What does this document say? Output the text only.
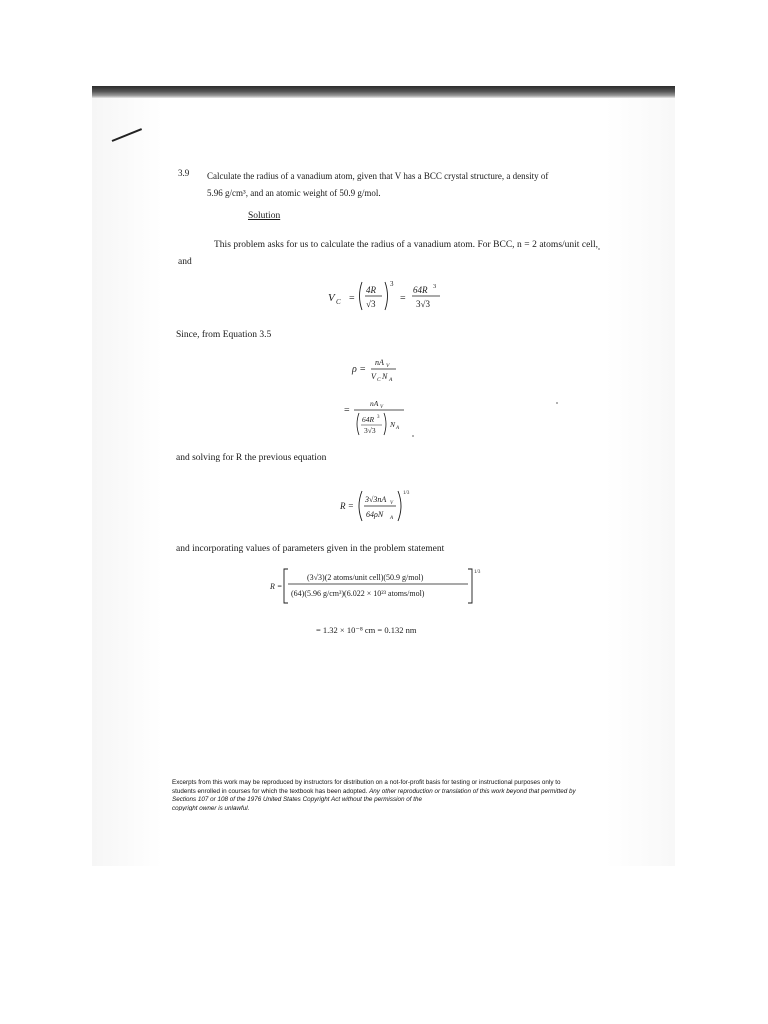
3.9 Calculate the radius of a vanadium atom, given that V has a BCC crystal structure, a density of
5.96 g/cm³, and an atomic weight of 50.9 g/mol.
Solution
This problem asks for us to calculate the radius of a vanadium atom. For BCC, n = 2 atoms/unit cell, and
V C =
4R
√3
3
=
64R 3
3√3
Since, from Equation 3.5
ρ =
nA V
V C N A
=
nA V
64R 3
3√3
N A
and solving for R the previous equation
R =
3√3nA V
64ρN A
1/3
and incorporating values of parameters given in the problem statement
R =
(3√3)(2 atoms/unit cell)(50.9 g/mol)
(64)(5.96 g/cm³)(6.022 × 10²³ atoms/mol)
1/3
= 1.32 × 10⁻⁸ cm = 0.132 nm
Excerpts from this work may be reproduced by instructors for distribution on a not-for-profit basis for testing or instructional purposes only to students enrolled in courses for which the textbook has been adopted. Any other reproduction or translation of this work beyond that permitted by Sections 107 or 108 of the 1976 United States Copyright Act without the permission of the
copyright owner is unlawful.
